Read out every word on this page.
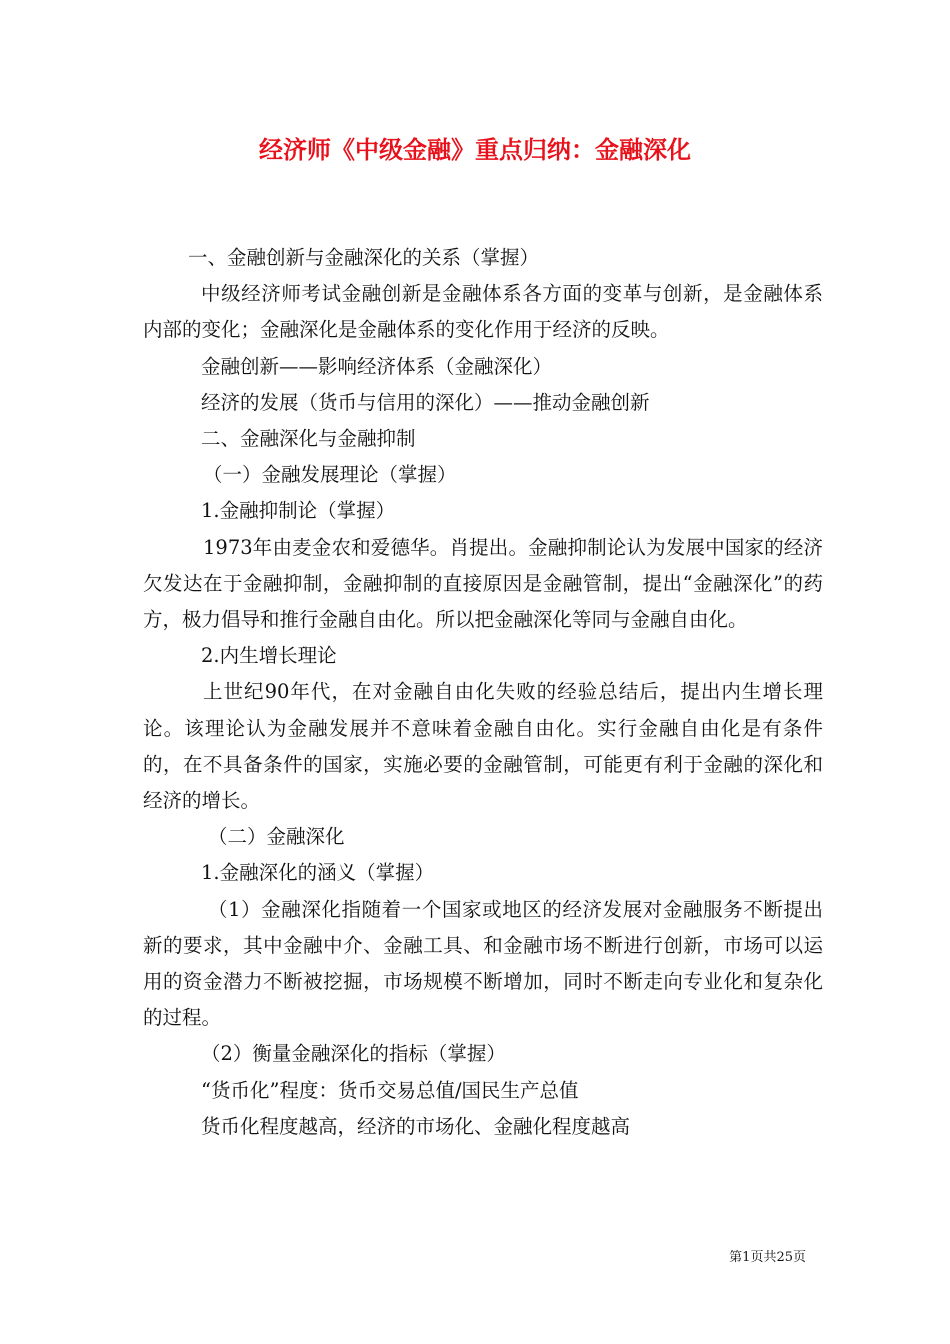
经济师《中级金融》重点归纳：金融深化

一、金融创新与金融深化的关系（掌握）

中级经济师考试金融创新是金融体系各方面的变革与创新，是金融体系内部的变化；金融深化是金融体系的变化作用于经济的反映。

金融创新——影响经济体系（金融深化）

经济的发展（货币与信用的深化）——推动金融创新

二、金融深化与金融抑制

（一）金融发展理论（掌握）

1.金融抑制论（掌握）

1973年由麦金农和爱德华。肖提出。金融抑制论认为发展中国家的经济欠发达在于金融抑制，金融抑制的直接原因是金融管制，提出“金融深化”的药方，极力倡导和推行金融自由化。所以把金融深化等同与金融自由化。

2.内生增长理论

上世纪90年代，在对金融自由化失败的经验总结后，提出内生增长理论。该理论认为金融发展并不意味着金融自由化。实行金融自由化是有条件的，在不具备条件的国家，实施必要的金融管制，可能更有利于金融的深化和经济的增长。

（二）金融深化

1.金融深化的涵义（掌握）

（1）金融深化指随着一个国家或地区的经济发展对金融服务不断提出新的要求，其中金融中介、金融工具、和金融市场不断进行创新，市场可以运用的资金潜力不断被挖掘，市场规模不断增加，同时不断走向专业化和复杂化的过程。

（2）衡量金融深化的指标（掌握）

“货币化”程度：货币交易总值/国民生产总值

货币化程度越高，经济的市场化、金融化程度越高

第1页共25页
